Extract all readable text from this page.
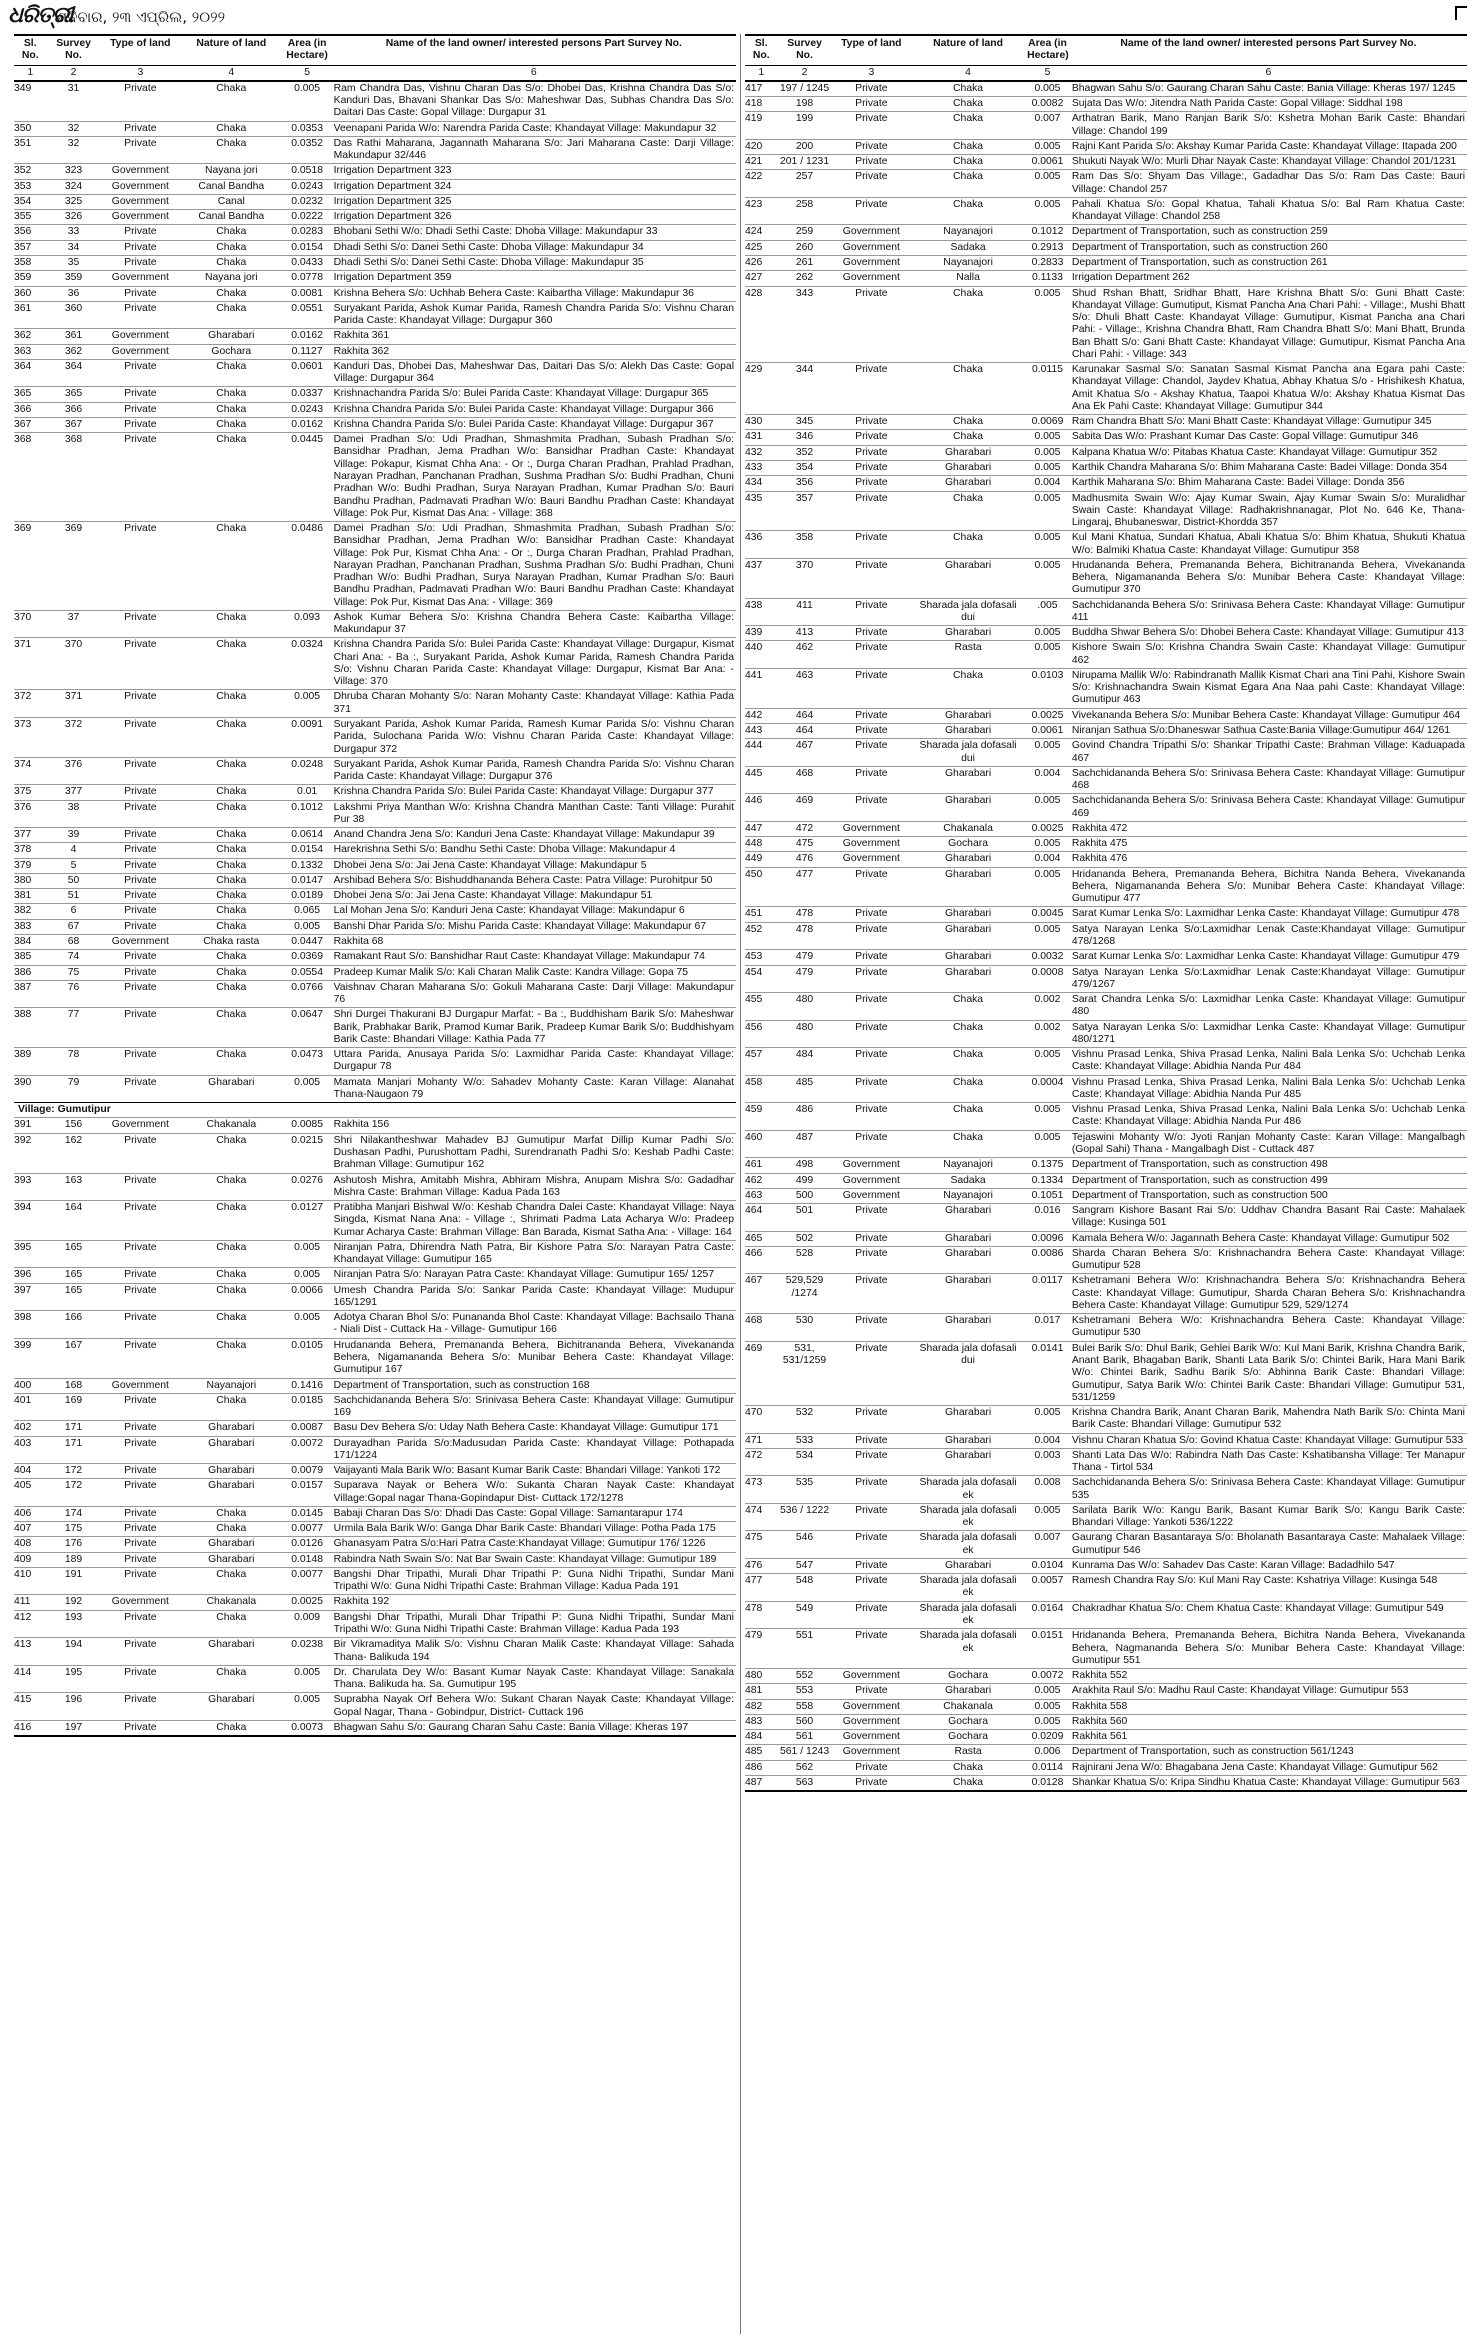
ଧରିତ୍ରୀ
ଶନିବାର, ୨୩ ଏପ୍ରିଲ, ୨୦୨୨
Sl. No.	Survey No.	Type of land	Nature of land	Area (in Hectare)	Name of the land owner/ interested persons Part Survey No.
1	2	3	4	5	6
349	31	Private	Chaka	0.005	Ram Chandra Das, Vishnu Charan Das S/o: Dhobei Das, Krishna Chandra Das S/o: Kanduri Das, Bhavani Shankar Das S/o: Maheshwar Das, Subhas Chandra Das S/o: Daitari Das Caste: Gopal Village: Durgapur 31
350	32	Private	Chaka	0.0353	Veenapani Parida W/o: Narendra Parida Caste: Khandayat Village: Makundapur 32
351	32	Private	Chaka	0.0352	Das Rathi Maharana, Jagannath Maharana S/o: Jari Maharana Caste: Darji Village: Makundapur 32/446
352	323	Government	Nayana jori	0.0518	Irrigation Department 323
353	324	Government	Canal Bandha	0.0243	Irrigation Department 324
354	325	Government	Canal	0.0232	Irrigation Department 325
355	326	Government	Canal Bandha	0.0222	Irrigation Department 326
356	33	Private	Chaka	0.0283	Bhobani Sethi W/o: Dhadi Sethi Caste: Dhoba Village: Makundapur 33
357	34	Private	Chaka	0.0154	Dhadi Sethi S/o: Danei Sethi Caste: Dhoba Village: Makundapur 34
358	35	Private	Chaka	0.0433	Dhadi Sethi S/o: Danei Sethi Caste: Dhoba Village: Makundapur 35
359	359	Government	Nayana jori	0.0778	Irrigation Department 359
360	36	Private	Chaka	0.0081	Krishna Behera S/o: Uchhab Behera Caste: Kaibartha Village: Makundapur 36
361	360	Private	Chaka	0.0551	Suryakant Parida, Ashok Kumar Parida, Ramesh Chandra Parida S/o: Vishnu Charan Parida Caste: Khandayat Village: Durgapur 360
362	361	Government	Gharabari	0.0162	Rakhita 361
363	362	Government	Gochara	0.1127	Rakhita 362
364	364	Private	Chaka	0.0601	Kanduri Das, Dhobei Das, Maheshwar Das, Daitari Das S/o: Alekh Das Caste: Gopal Village: Durgapur 364
365	365	Private	Chaka	0.0337	Krishnachandra Parida S/o: Bulei Parida Caste: Khandayat Village: Durgapur 365
366	366	Private	Chaka	0.0243	Krishna Chandra Parida S/o: Bulei Parida Caste: Khandayat Village: Durgapur 366
367	367	Private	Chaka	0.0162	Krishna Chandra Parida S/o: Bulei Parida Caste: Khandayat Village: Durgapur 367
368	368	Private	Chaka	0.0445	Damei Pradhan S/o: Udi Pradhan, Shmashmita Pradhan, Subash Pradhan S/o: Bansidhar Pradhan, Jema Pradhan W/o: Bansidhar Pradhan Caste: Khandayat Village: Pokapur, Kismat Chha Ana: - Or :, Durga Charan Pradhan, Prahlad Pradhan, Narayan Pradhan, Panchanan Pradhan, Sushma Pradhan S/o: Budhi Pradhan, Chuni Pradhan W/o: Budhi Pradhan, Surya Narayan Pradhan, Kumar Pradhan S/o: Bauri Bandhu Pradhan, Padmavati Pradhan W/o: Bauri Bandhu Pradhan Caste: Khandayat Village: Pok Pur, Kismat Das Ana: - Village: 368
369	369	Private	Chaka	0.0486	Damei Pradhan S/o: Udi Pradhan, Shmashmita Pradhan, Subash Pradhan S/o: Bansidhar Pradhan, Jema Pradhan W/o: Bansidhar Pradhan Caste: Khandayat Village: Pok Pur, Kismat Chha Ana: - Or :, Durga Charan Pradhan, Prahlad Pradhan, Narayan Pradhan, Panchanan Pradhan, Sushma Pradhan S/o: Budhi Pradhan, Chuni Pradhan W/o: Budhi Pradhan, Surya Narayan Pradhan, Kumar Pradhan S/o: Bauri Bandhu Pradhan, Padmavati Pradhan W/o: Bauri Bandhu Pradhan Caste: Khandayat Village: Pok Pur, Kismat Das Ana: - Village: 369
370	37	Private	Chaka	0.093	Ashok Kumar Behera S/o: Krishna Chandra Behera Caste: Kaibartha Village: Makundapur 37
371	370	Private	Chaka	0.0324	Krishna Chandra Parida S/o: Bulei Parida Caste: Khandayat Village: Durgapur, Kismat Chari Ana: - Ba :, Suryakant Parida, Ashok Kumar Parida, Ramesh Chandra Parida S/o: Vishnu Charan Parida Caste: Khandayat Village: Durgapur, Kismat Bar Ana: - Village: 370
372	371	Private	Chaka	0.005	Dhruba Charan Mohanty S/o: Naran Mohanty Caste: Khandayat Village: Kathia Pada 371
373	372	Private	Chaka	0.0091	Suryakant Parida, Ashok Kumar Parida, Ramesh Kumar Parida S/o: Vishnu Charan Parida, Sulochana Parida W/o: Vishnu Charan Parida Caste: Khandayat Village: Durgapur 372
374	376	Private	Chaka	0.0248	Suryakant Parida, Ashok Kumar Parida, Ramesh Chandra Parida S/o: Vishnu Charan Parida Caste: Khandayat Village: Durgapur 376
375	377	Private	Chaka	0.01	Krishna Chandra Parida S/o: Bulei Parida Caste: Khandayat Village: Durgapur 377
376	38	Private	Chaka	0.1012	Lakshmi Priya Manthan W/o: Krishna Chandra Manthan Caste: Tanti Village: Purahit Pur 38
377	39	Private	Chaka	0.0614	Anand Chandra Jena S/o: Kanduri Jena Caste: Khandayat Village: Makundapur 39
378	4	Private	Chaka	0.0154	Harekrishna Sethi S/o: Bandhu Sethi Caste: Dhoba Village: Makundapur 4
379	5	Private	Chaka	0.1332	Dhobei Jena S/o: Jai Jena Caste: Khandayat Village: Makundapur 5
380	50	Private	Chaka	0.0147	Arshibad Behera S/o: Bishuddhananda Behera Caste: Patra Village: Purohitpur 50
381	51	Private	Chaka	0.0189	Dhobei Jena S/o: Jai Jena Caste: Khandayat Village: Makundapur 51
382	6	Private	Chaka	0.065	Lal Mohan Jena S/o: Kanduri Jena Caste: Khandayat Village: Makundapur 6
383	67	Private	Chaka	0.005	Banshi Dhar Parida S/o: Mishu Parida Caste: Khandayat Village: Makundapur 67
384	68	Government	Chaka rasta	0.0447	Rakhita 68
385	74	Private	Chaka	0.0369	Ramakant Raut S/o: Banshidhar Raut Caste: Khandayat Village: Makundapur 74
386	75	Private	Chaka	0.0554	Pradeep Kumar Malik S/o: Kali Charan Malik Caste: Kandra Village: Gopa 75
387	76	Private	Chaka	0.0766	Vaishnav Charan Maharana S/o: Gokuli Maharana Caste: Darji Village: Makundapur 76
388	77	Private	Chaka	0.0647	Shri Durgei Thakurani BJ Durgapur Marfat: - Ba :, Buddhisham Barik S/o: Maheshwar Barik, Prabhakar Barik, Pramod Kumar Barik, Pradeep Kumar Barik S/o: Buddhishyam Barik Caste: Bhandari Village: Kathia Pada 77
389	78	Private	Chaka	0.0473	Uttara Parida, Anusaya Parida S/o: Laxmidhar Parida Caste: Khandayat Village: Durgapur 78
390	79	Private	Gharabari	0.005	Mamata Manjari Mohanty W/o: Sahadev Mohanty Caste: Karan Village: Alanahat Thana-Naugaon 79
Village: Gumutipur					
391	156	Government	Chakanala	0.0085	Rakhita 156
392	162	Private	Chaka	0.0215	Shri Nilakantheshwar Mahadev BJ Gumutipur Marfat Dillip Kumar Padhi S/o: Dushasan Padhi, Purushottam Padhi, Surendranath Padhi S/o: Keshab Padhi Caste: Brahman Village: Gumutipur 162
393	163	Private	Chaka	0.0276	Ashutosh Mishra, Amitabh Mishra, Abhiram Mishra, Anupam Mishra S/o: Gadadhar Mishra Caste: Brahman Village: Kadua Pada 163
394	164	Private	Chaka	0.0127	Pratibha Manjari Bishwal W/o: Keshab Chandra Dalei Caste: Khandayat Village: Naya Singda, Kismat Nana Ana: - Village :, Shrimati Padma Lata Acharya W/o: Pradeep Kumar Acharya Caste: Brahman Village: Ban Barada, Kismat Satha Ana: - Village: 164
395	165	Private	Chaka	0.005	Niranjan Patra, Dhirendra Nath Patra, Bir Kishore Patra S/o: Narayan Patra Caste: Khandayat Village: Gumutipur 165
396	165	Private	Chaka	0.005	Niranjan Patra S/o: Narayan Patra Caste: Khandayat Village: Gumutipur 165/ 1257
397	165	Private	Chaka	0.0066	Umesh Chandra Parida S/o: Sankar Parida Caste: Khandayat Village: Mudupur 165/1291
398	166	Private	Chaka	0.005	Adotya Charan Bhol S/o: Punananda Bhol Caste: Khandayat Village: Bachsailo Thana - Niali Dist - Cuttack Ha - Village- Gumutipur 166
399	167	Private	Chaka	0.0105	Hrudananda Behera, Premananda Behera, Bichitrananda Behera, Vivekananda Behera, Nigamananda Behera S/o: Munibar Behera Caste: Khandayat Village: Gumutipur 167
400	168	Government	Nayanajori	0.1416	Department of Transportation, such as construction 168
401	169	Private	Chaka	0.0185	Sachchidananda Behera S/o: Srinivasa Behera Caste: Khandayat Village: Gumutipur 169
402	171	Private	Gharabari	0.0087	Basu Dev Behera S/o: Uday Nath Behera Caste: Khandayat Village: Gumutipur 171
403	171	Private	Gharabari	0.0072	Durayadhan Parida S/o:Madusudan Parida Caste: Khandayat Village: Pothapada 171/1224
404	172	Private	Gharabari	0.0079	Vaijayanti Mala Barik W/o: Basant Kumar Barik Caste: Bhandari Village: Yankoti 172
405	172	Private	Gharabari	0.0157	Suparava Nayak or Behera W/o: Sukanta Charan Nayak Caste: Khandayat Village:Gopal nagar Thana-Gopindapur Dist- Cuttack 172/1278
406	174	Private	Chaka	0.0145	Babaji Charan Das S/o: Dhadi Das Caste: Gopal Village: Samantarapur 174
407	175	Private	Chaka	0.0077	Urmila Bala Barik W/o: Ganga Dhar Barik Caste: Bhandari Village: Potha Pada 175
408	176	Private	Gharabari	0.0126	Ghanasyam Patra S/o:Hari Patra Caste:Khandayat Village: Gumutipur 176/ 1226
409	189	Private	Gharabari	0.0148	Rabindra Nath Swain S/o: Nat Bar Swain Caste: Khandayat Village: Gumutipur 189
410	191	Private	Chaka	0.0077	Bangshi Dhar Tripathi, Murali Dhar Tripathi P: Guna Nidhi Tripathi, Sundar Mani Tripathi W/o: Guna Nidhi Tripathi Caste: Brahman Village: Kadua Pada 191
411	192	Government	Chakanala	0.0025	Rakhita 192
412	193	Private	Chaka	0.009	Bangshi Dhar Tripathi, Murali Dhar Tripathi P: Guna Nidhi Tripathi, Sundar Mani Tripathi W/o: Guna Nidhi Tripathi Caste: Brahman Village: Kadua Pada 193
413	194	Private	Gharabari	0.0238	Bir Vikramaditya Malik S/o: Vishnu Charan Malik Caste: Khandayat Village: Sahada Thana- Balikuda 194
414	195	Private	Chaka	0.005	Dr. Charulata Dey W/o: Basant Kumar Nayak Caste: Khandayat Village: Sanakala Thana. Balikuda ha. Sa. Gumutipur 195
415	196	Private	Gharabari	0.005	Suprabha Nayak Orf Behera W/o: Sukant Charan Nayak Caste: Khandayat Village: Gopal Nagar, Thana - Gobindpur, District- Cuttack 196
416	197	Private	Chaka	0.0073	Bhagwan Sahu S/o: Gaurang Charan Sahu Caste: Bania Village: Kheras 197
Sl. No.	Survey No.	Type of land	Nature of land	Area (in Hectare)	Name of the land owner/ interested persons Part Survey No.
1	2	3	4	5	6
417	197 / 1245	Private	Chaka	0.005	Bhagwan Sahu S/o: Gaurang Charan Sahu Caste: Bania Village: Kheras 197/ 1245
418	198	Private	Chaka	0.0082	Sujata Das W/o: Jitendra Nath Parida Caste: Gopal Village: Siddhal 198
419	199	Private	Chaka	0.007	Arthatran Barik, Mano Ranjan Barik S/o: Kshetra Mohan Barik Caste: Bhandari Village: Chandol 199
420	200	Private	Chaka	0.005	Rajni Kant Parida S/o: Akshay Kumar Parida Caste: Khandayat Village: Itapada 200
421	201 / 1231	Private	Chaka	0.0061	Shukuti Nayak W/o: Murli Dhar Nayak Caste: Khandayat Village: Chandol 201/1231
422	257	Private	Chaka	0.005	Ram Das S/o: Shyam Das Village:, Gadadhar Das S/o: Ram Das Caste: Bauri Village: Chandol 257
423	258	Private	Chaka	0.005	Pahali Khatua S/o: Gopal Khatua, Tahali Khatua S/o: Bal Ram Khatua Caste: Khandayat Village: Chandol 258
424	259	Government	Nayanajori	0.1012	Department of Transportation, such as construction 259
425	260	Government	Sadaka	0.2913	Department of Transportation, such as construction 260
426	261	Government	Nayanajori	0.2833	Department of Transportation, such as construction 261
427	262	Government	Nalla	0.1133	Irrigation Department 262
428	343	Private	Chaka	0.005	Shud Rshan Bhatt, Sridhar Bhatt, Hare Krishna Bhatt S/o: Guni Bhatt Caste: Khandayat Village: Gumutiput, Kismat Pancha Ana Chari Pahi: - Village:, Mushi Bhatt S/o: Dhuli Bhatt Caste: Khandayat Village: Gumutipur, Kismat Pancha ana Chari Pahi: - Village:, Krishna Chandra Bhatt, Ram Chandra Bhatt S/o: Mani Bhatt, Brunda Ban Bhatt S/o: Gani Bhatt Caste: Khandayat Village: Gumutipur, Kismat Pancha Ana Chari Pahi: - Village: 343
429	344	Private	Chaka	0.0115	Karunakar Sasmal S/o: Sanatan Sasmal Kismat Pancha ana Egara pahi Caste: Khandayat Village: Chandol, Jaydev Khatua, Abhay Khatua S/o - Hrishikesh Khatua, Amit Khatua S/o - Akshay Khatua, Taapoi Khatua W/o: Akshay Khatua Kismat Das Ana Ek Pahi Caste: Khandayat Village: Gumutipur 344
430	345	Private	Chaka	0.0069	Ram Chandra Bhatt S/o: Mani Bhatt Caste: Khandayat Village: Gumutipur 345
431	346	Private	Chaka	0.005	Sabita Das W/o: Prashant Kumar Das Caste: Gopal Village: Gumutipur 346
432	352	Private	Gharabari	0.005	Kalpana Khatua W/o: Pitabas Khatua Caste: Khandayat Village: Gumutipur 352
433	354	Private	Gharabari	0.005	Karthik Chandra Maharana S/o: Bhim Maharana Caste: Badei Village: Donda 354
434	356	Private	Gharabari	0.004	Karthik Maharana S/o: Bhim Maharana Caste: Badei Village: Donda 356
435	357	Private	Chaka	0.005	Madhusmita Swain W/o: Ajay Kumar Swain, Ajay Kumar Swain S/o: Muralidhar Swain Caste: Khandayat Village: Radhakrishnanagar, Plot No. 646 Ke, Thana-Lingaraj, Bhubaneswar, District-Khordda 357
436	358	Private	Chaka	0.005	Kul Mani Khatua, Sundari Khatua, Abali Khatua S/o: Bhim Khatua, Shukuti Khatua W/o: Balmiki Khatua Caste: Khandayat Village: Gumutipur 358
437	370	Private	Gharabari	0.005	Hrudananda Behera, Premananda Behera, Bichitrananda Behera, Vivekananda Behera, Nigamananda Behera S/o: Munibar Behera Caste: Khandayat Village: Gumutipur 370
438	411	Private	Sharada jala dofasali dui	.005	Sachchidananda Behera S/o: Srinivasa Behera Caste: Khandayat Village: Gumutipur 411
439	413	Private	Gharabari	0.005	Buddha Shwar Behera S/o: Dhobei Behera Caste: Khandayat Village: Gumutipur 413
440	462	Private	Rasta	0.005	Kishore Swain S/o: Krishna Chandra Swain Caste: Khandayat Village: Gumutipur 462
441	463	Private	Chaka	0.0103	Nirupama Mallik W/o: Rabindranath Mallik Kismat Chari ana Tini Pahi, Kishore Swain S/o: Krishnachandra Swain Kismat Egara Ana Naa pahi Caste: Khandayat Village: Gumutipur 463
442	464	Private	Gharabari	0.0025	Vivekananda Behera S/o: Munibar Behera Caste: Khandayat Village: Gumutipur 464
443	464	Private	Gharabari	0.0061	Niranjan Sathua S/o:Dhaneswar Sathua Caste:Bania Village:Gumutipur 464/ 1261
444	467	Private	Sharada jala dofasali dui	0.005	Govind Chandra Tripathi S/o: Shankar Tripathi Caste: Brahman Village: Kaduapada 467
445	468	Private	Gharabari	0.004	Sachchidananda Behera S/o: Srinivasa Behera Caste: Khandayat Village: Gumutipur 468
446	469	Private	Gharabari	0.005	Sachchidananda Behera S/o: Srinivasa Behera Caste: Khandayat Village: Gumutipur 469
447	472	Government	Chakanala	0.0025	Rakhita 472
448	475	Government	Gochara	0.005	Rakhita 475
449	476	Government	Gharabari	0.004	Rakhita 476
450	477	Private	Gharabari	0.005	Hridananda Behera, Premananda Behera, Bichitra Nanda Behera, Vivekananda Behera, Nigamananda Behera S/o: Munibar Behera Caste: Khandayat Village: Gumutipur 477
451	478	Private	Gharabari	0.0045	Sarat Kumar Lenka S/o: Laxmidhar Lenka Caste: Khandayat Village: Gumutipur 478
452	478	Private	Gharabari	0.005	Satya Narayan Lenka S/o:Laxmidhar Lenak Caste:Khandayat Village: Gumutipur 478/1268
453	479	Private	Gharabari	0.0032	Sarat Kumar Lenka S/o: Laxmidhar Lenka Caste: Khandayat Village: Gumutipur 479
454	479	Private	Gharabari	0.0008	Satya Narayan Lenka S/o:Laxmidhar Lenak Caste:Khandayat Village: Gumutipur 479/1267
455	480	Private	Chaka	0.002	Sarat Chandra Lenka S/o: Laxmidhar Lenka Caste: Khandayat Village: Gumutipur 480
456	480	Private	Chaka	0.002	Satya Narayan Lenka S/o: Laxmidhar Lenka Caste: Khandayat Village: Gumutipur 480/1271
457	484	Private	Chaka	0.005	Vishnu Prasad Lenka, Shiva Prasad Lenka, Nalini Bala Lenka S/o: Uchchab Lenka Caste: Khandayat Village: Abidhia Nanda Pur 484
458	485	Private	Chaka	0.0004	Vishnu Prasad Lenka, Shiva Prasad Lenka, Nalini Bala Lenka S/o: Uchchab Lenka Caste: Khandayat Village: Abidhia Nanda Pur 485
459	486	Private	Chaka	0.005	Vishnu Prasad Lenka, Shiva Prasad Lenka, Nalini Bala Lenka S/o: Uchchab Lenka Caste: Khandayat Village: Abidhia Nanda Pur 486
460	487	Private	Chaka	0.005	Tejaswini Mohanty W/o: Jyoti Ranjan Mohanty Caste: Karan Village: Mangalbagh (Gopal Sahi) Thana - Mangalbagh Dist - Cuttack 487
461	498	Government	Nayanajori	0.1375	Department of Transportation, such as construction 498
462	499	Government	Sadaka	0.1334	Department of Transportation, such as construction 499
463	500	Government	Nayanajori	0.1051	Department of Transportation, such as construction 500
464	501	Private	Gharabari	0.016	Sangram Kishore Basant Rai S/o: Uddhav Chandra Basant Rai Caste: Mahalaek Village: Kusinga 501
465	502	Private	Gharabari	0.0096	Kamala Behera W/o: Jagannath Behera Caste: Khandayat Village: Gumutipur 502
466	528	Private	Gharabari	0.0086	Sharda Charan Behera S/o: Krishnachandra Behera Caste: Khandayat Village: Gumutipur 528
467	529,529 /1274	Private	Gharabari	0.0117	Kshetramani Behera W/o: Krishnachandra Behera S/o: Krishnachandra Behera Caste: Khandayat Village: Gumutipur, Sharda Charan Behera S/o: Krishnachandra Behera Caste: Khandayat Village: Gumutipur 529, 529/1274
468	530	Private	Gharabari	0.017	Kshetramani Behera W/o: Krishnachandra Behera Caste: Khandayat Village: Gumutipur 530
469	531, 531/1259	Private	Sharada jala dofasali dui	0.0141	Bulei Barik S/o: Dhul Barik, Gehlei Barik W/o: Kul Mani Barik, Krishna Chandra Barik, Anant Barik, Bhagaban Barik, Shanti Lata Barik S/o: Chintei Barik, Hara Mani Barik W/o: Chintei Barik, Sadhu Barik S/o: Abhinna Barik Caste: Bhandari Village: Gumutipur, Satya Barik W/o: Chintei Barik Caste: Bhandari Village: Gumutipur 531, 531/1259
470	532	Private	Gharabari	0.005	Krishna Chandra Barik, Anant Charan Barik, Mahendra Nath Barik S/o: Chinta Mani Barik Caste: Bhandari Village: Gumutipur 532
471	533	Private	Gharabari	0.004	Vishnu Charan Khatua S/o: Govind Khatua Caste: Khandayat Village: Gumutipur 533
472	534	Private	Gharabari	0.003	Shanti Lata Das W/o: Rabindra Nath Das Caste: Kshatibansha Village: Ter Manapur Thana - Tirtol 534
473	535	Private	Sharada jala dofasali ek	0.008	Sachchidananda Behera S/o: Srinivasa Behera Caste: Khandayat Village: Gumutipur 535
474	536 / 1222	Private	Sharada jala dofasali ek	0.005	Sarilata Barik W/o: Kangu Barik, Basant Kumar Barik S/o: Kangu Barik Caste: Bhandari Village: Yankoti 536/1222
475	546	Private	Sharada jala dofasali ek	0.007	Gaurang Charan Basantaraya S/o: Bholanath Basantaraya Caste: Mahalaek Village: Gumutipur 546
476	547	Private	Gharabari	0.0104	Kunrama Das W/o: Sahadev Das Caste: Karan Village: Badadhilo 547
477	548	Private	Sharada jala dofasali ek	0.0057	Ramesh Chandra Ray S/o: Kul Mani Ray Caste: Kshatriya Village: Kusinga 548
478	549	Private	Sharada jala dofasali ek	0.0164	Chakradhar Khatua S/o: Chem Khatua Caste: Khandayat Village: Gumutipur 549
479	551	Private	Sharada jala dofasali ek	0.0151	Hridananda Behera, Premananda Behera, Bichitra Nanda Behera, Vivekananda Behera, Nagmananda Behera S/o: Munibar Behera Caste: Khandayat Village: Gumutipur 551
480	552	Government	Gochara	0.0072	Rakhita 552
481	553	Private	Gharabari	0.005	Arakhita Raul S/o: Madhu Raul Caste: Khandayat Village: Gumutipur 553
482	558	Government	Chakanala	0.005	Rakhita 558
483	560	Government	Gochara	0.005	Rakhita 560
484	561	Government	Gochara	0.0209	Rakhita 561
485	561 / 1243	Government	Rasta	0.006	Department of Transportation, such as construction 561/1243
486	562	Private	Chaka	0.0114	Rajnirani Jena W/o: Bhagabana Jena Caste: Khandayat Village: Gumutipur 562
487	563	Private	Chaka	0.0128	Shankar Khatua S/o: Kripa Sindhu Khatua Caste: Khandayat Village: Gumutipur 563
